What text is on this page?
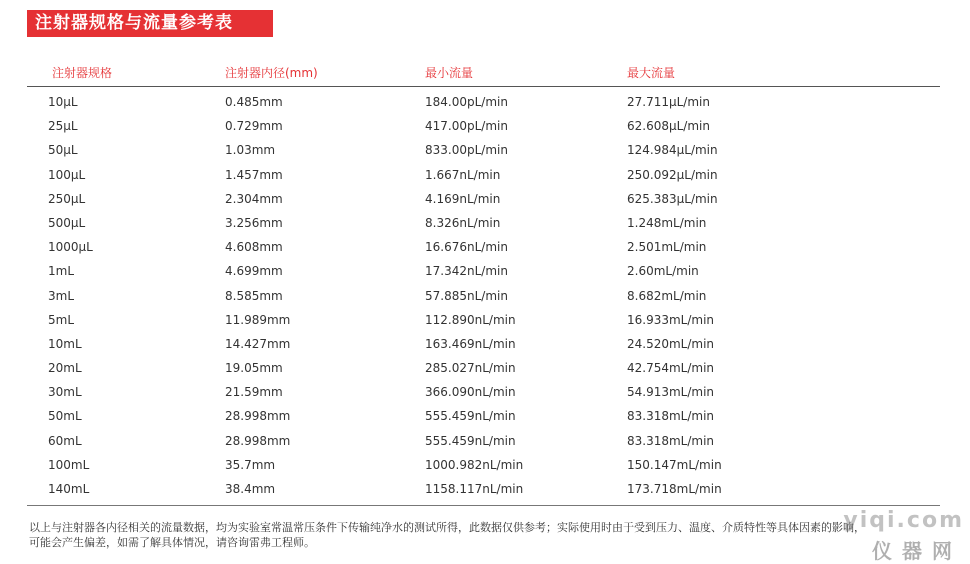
注射器规格与流量参考表
注射器规格	注射器内径(mm)	最小流量	最大流量
10μL	0.485mm	184.00pL/min	27.711μL/min
25μL	0.729mm	417.00pL/min	62.608μL/min
50μL	1.03mm	833.00pL/min	124.984μL/min
100μL	1.457mm	1.667nL/min	250.092μL/min
250μL	2.304mm	4.169nL/min	625.383μL/min
500μL	3.256mm	8.326nL/min	1.248mL/min
1000μL	4.608mm	16.676nL/min	2.501mL/min
1mL	4.699mm	17.342nL/min	2.60mL/min
3mL	8.585mm	57.885nL/min	8.682mL/min
5mL	11.989mm	112.890nL/min	16.933mL/min
10mL	14.427mm	163.469nL/min	24.520mL/min
20mL	19.05mm	285.027nL/min	42.754mL/min
30mL	21.59mm	366.090nL/min	54.913mL/min
50mL	28.998mm	555.459nL/min	83.318mL/min
60mL	28.998mm	555.459nL/min	83.318mL/min
100mL	35.7mm	1000.982nL/min	150.147mL/min
140mL	38.4mm	1158.117nL/min	173.718mL/min
以上与注射器各内径相关的流量数据，均为实验室常温常压条件下传输纯净水的测试所得，此数据仅供参考；实际使用时由于受到压力、温度、介质特性等具体因素的影响，
可能会产生偏差，如需了解具体情况，请咨询雷弗工程师。
yiqi.com
仪器网
